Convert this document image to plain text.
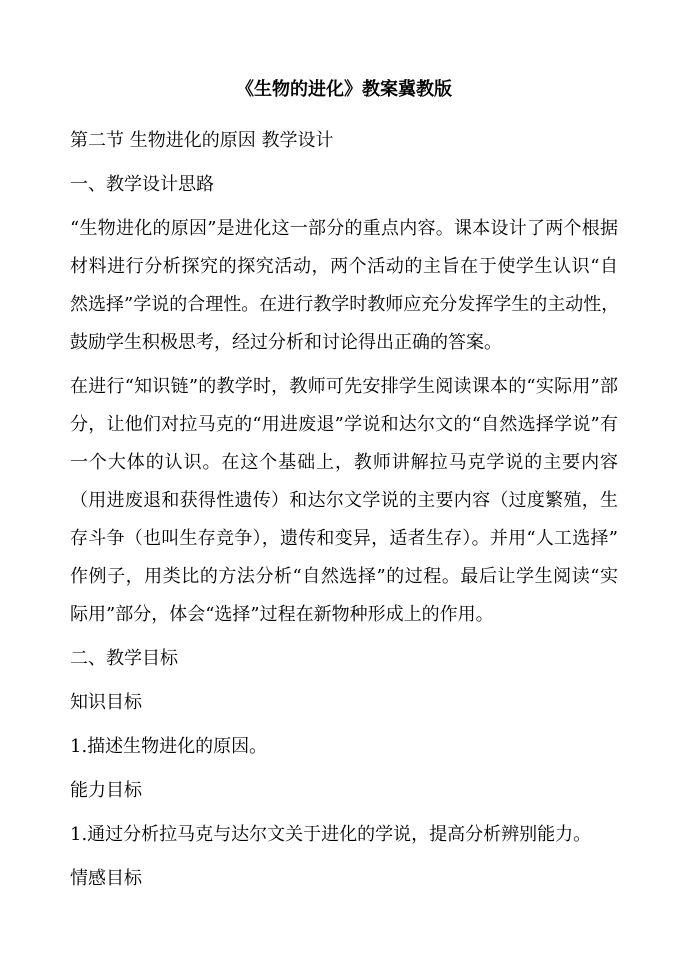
《生物的进化》教案冀教版

第二节 生物进化的原因 教学设计

一、教学设计思路

“生物进化的原因”是进化这一部分的重点内容。课本设计了两个根据
材料进行分析探究的探究活动，两个活动的主旨在于使学生认识“自
然选择”学说的合理性。在进行教学时教师应充分发挥学生的主动性，
鼓励学生积极思考，经过分析和讨论得出正确的答案。

在进行“知识链”的教学时，教师可先安排学生阅读课本的“实际用”部
分，让他们对拉马克的“用进废退”学说和达尔文的“自然选择学说”有
一个大体的认识。在这个基础上，教师讲解拉马克学说的主要内容
（用进废退和获得性遗传）和达尔文学说的主要内容（过度繁殖，生
存斗争（也叫生存竞争），遗传和变异，适者生存）。并用“人工选择”
作例子，用类比的方法分析“自然选择”的过程。最后让学生阅读“实
际用”部分，体会“选择”过程在新物种形成上的作用。

二、教学目标

知识目标

1.描述生物进化的原因。

能力目标

1.通过分析拉马克与达尔文关于进化的学说，提高分析辨别能力。

情感目标
